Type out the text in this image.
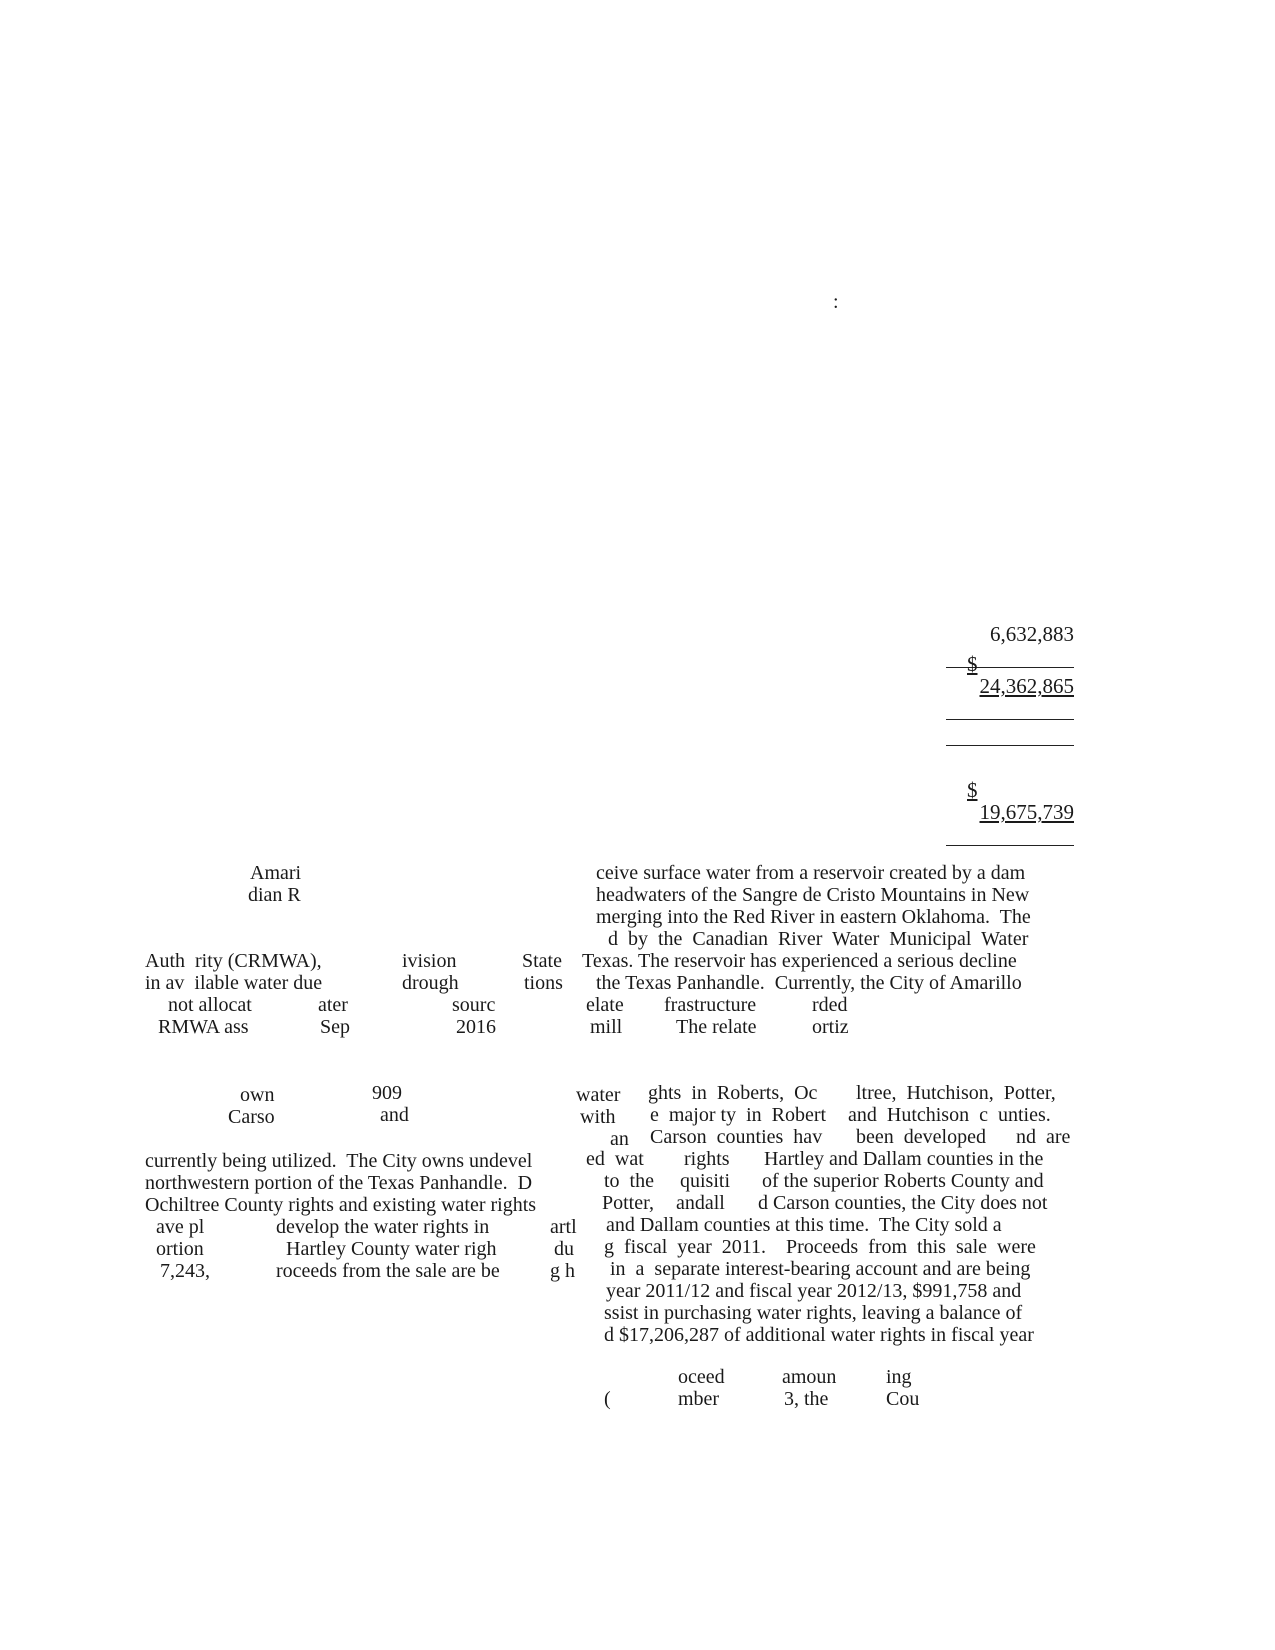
:

6,632,883

$

24,362,865

$

19,675,739

Amari
dian R
Auth  rity (CRMWA),	ivision	State
in av  ilable water due	drough	tions
not allocat	ater	sourc
RMWA ass	Sep	2016
ceive surface water from a reservoir created by a dam
headwaters of the Sangre de Cristo Mountains in New
merging into the Red River in eastern Oklahoma.  The
d  by  the  Canadian  River  Water  Municipal  Water
Texas. The reservoir has experienced a serious decline
the Texas Panhandle.  Currently, the City of Amarillo
elate frastructure	rded
mill	The relate	ortiz
own	909
Carso	and
currently being utilized.  The City owns undevel
northwestern portion of the Texas Panhandle.  D
Ochiltree County rights and existing water rights
ave pl	develop the water rights in	artl
ortion	Hartley County water righ	du
7,243,	roceeds from the sale are be	g h
water ghts  in  Roberts,  Oc ltree,  Hutchison,  Potter,
with e  major ty  in  Robert and  Hutchison  c  unties.
an Carson  counties  hav been  developed nd  are
ed  wat rights Hartley and Dallam counties in the
to  the quisiti of the superior Roberts County and
Potter, andall d Carson counties, the City does not
and Dallam counties at this time.  The City sold a
g  fiscal  year  2011.    Proceeds  from  this  sale  were
in  a  separate interest-bearing account and are being
year 2011/12 and fiscal year 2012/13, $991,758 and
ssist in purchasing water rights, leaving a balance of
d $17,206,287 of additional water rights in fiscal year
(
oceed	amoun ing
mber	3, the	Cou
